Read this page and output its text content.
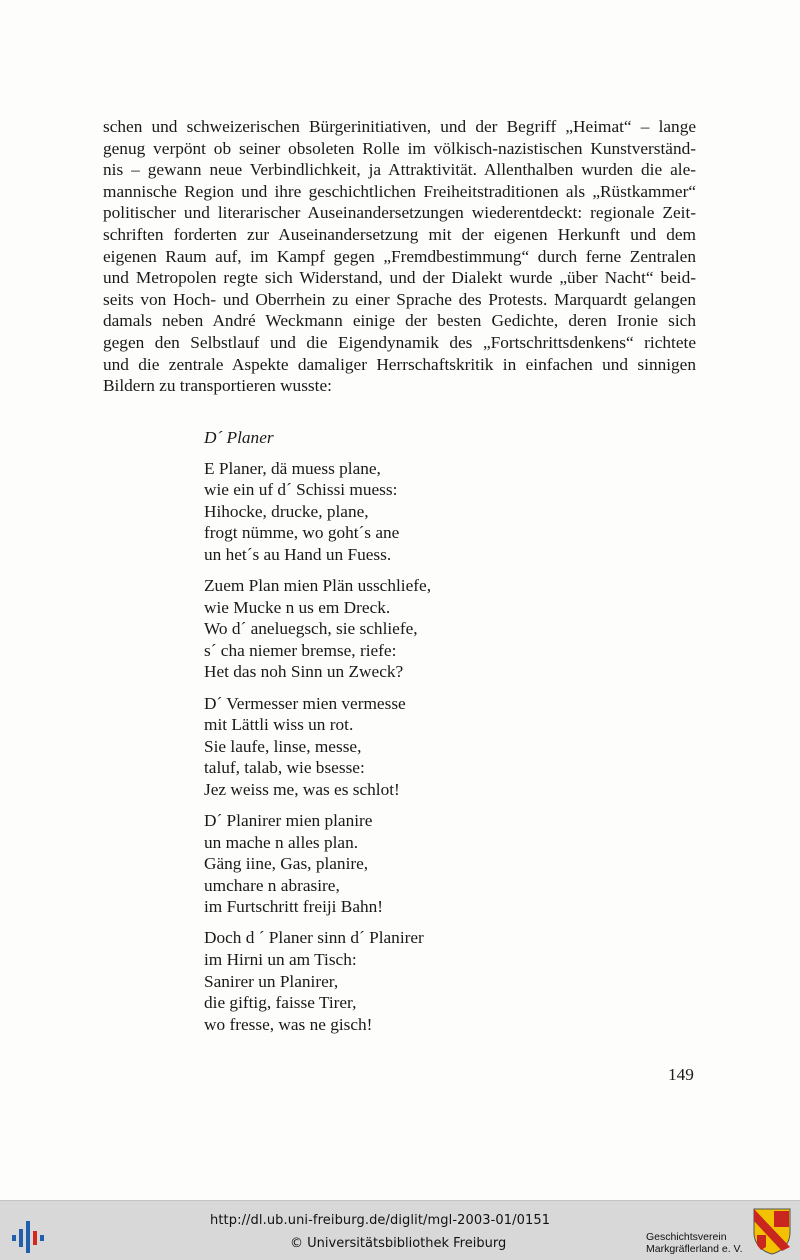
schen und schweizerischen Bürgerinitiativen, und der Begriff „Heimat“ – lange
genug verpönt ob seiner obsoleten Rolle im völkisch-nazistischen Kunstverständ-
nis – gewann neue Verbindlichkeit, ja Attraktivität. Allenthalben wurden die ale-
mannische Region und ihre geschichtlichen Freiheitstraditionen als „Rüstkammer“
politischer und literarischer Auseinandersetzungen wiederentdeckt: regionale Zeit-
schriften forderten zur Auseinandersetzung mit der eigenen Herkunft und dem
eigenen Raum auf, im Kampf gegen „Fremdbestimmung“ durch ferne Zentralen
und Metropolen regte sich Widerstand, und der Dialekt wurde „über Nacht“ beid-
seits von Hoch- und Oberrhein zu einer Sprache des Protests. Marquardt gelangen
damals neben André Weckmann einige der besten Gedichte, deren Ironie sich
gegen den Selbstlauf und die Eigendynamik des „Fortschrittsdenkens“ richtete
und die zentrale Aspekte damaliger Herrschaftskritik in einfachen und sinnigen
Bildern zu transportieren wusste:
D´ Planer
E Planer, dä muess plane,
wie ein uf d´ Schissi muess:
Hihocke, drucke, plane,
frogt nümme, wo goht´s ane
un het´s au Hand un Fuess.
Zuem Plan mien Plän usschliefe,
wie Mucke n us em Dreck.
Wo d´ aneluegsch, sie schliefe,
s´ cha niemer bremse, riefe:
Het das noh Sinn un Zweck?
D´ Vermesser mien vermesse
mit Lättli wiss un rot.
Sie laufe, linse, messe,
taluf, talab, wie bsesse:
Jez weiss me, was es schlot!
D´ Planirer mien planire
un mache n alles plan.
Gäng iine, Gas, planire,
umchare n abrasire,
im Furtschritt freiji Bahn!
Doch d ´ Planer sinn d´ Planirer
im Hirni un am Tisch:
Sanirer un Planirer,
die giftig, faisse Tirer,
wo fresse, was ne gisch!
149
http://dl.ub.uni-freiburg.de/diglit/mgl-2003-01/0151
© Universitätsbibliothek Freiburg	Geschichtsverein
Markgräflerland e. V.
